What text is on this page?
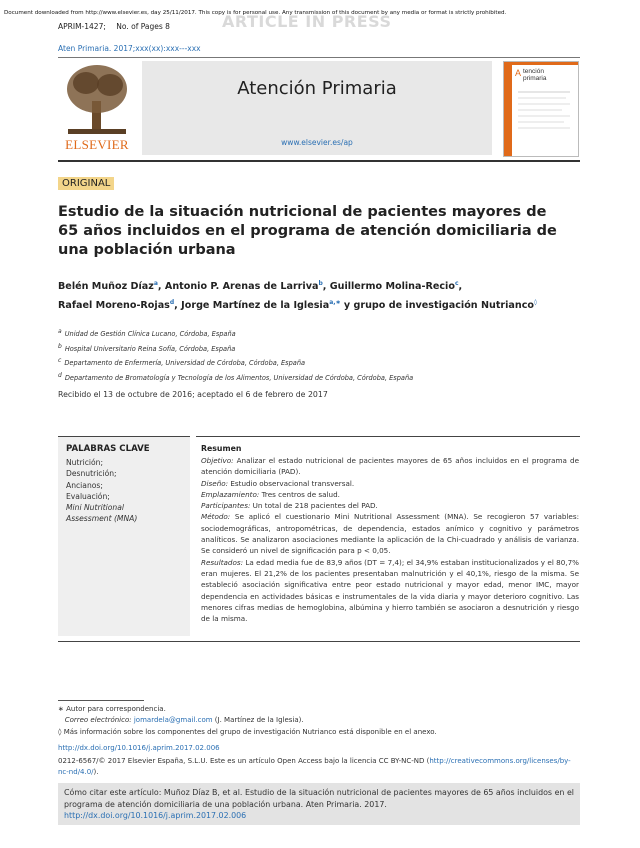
Document downloaded from http://www.elsevier.es, day 25/11/2017. This copy is for personal use. Any transmission of this document by any media or format is strictly prohibited.
ARTICLE IN PRESS
APRIM-1427; No. of Pages 8
Aten Primaria. 2017;xxx(xx):xxx---xxx
ELSEVIER
Atención Primaria
www.elsevier.es/ap
A tención
primaria
ORIGINAL
Estudio de la situación nutricional de pacientes mayores de 65 años incluidos en el programa de atención domiciliaria de una población urbana
Belén Muñoz Díaz$^a$, Antonio P. Arenas de Larriva$^b$, Guillermo Molina-Recio$^c$,
Rafael Moreno-Rojas$^d$, Jorge Martínez de la Iglesia$^{a,∗}$ y grupo de investigación Nutrianco◊
$^a$ Unidad de Gestión Clínica Lucano, Córdoba, España
$^b$ Hospital Universitario Reina Sofía, Córdoba, España
$^c$ Departamento de Enfermería, Universidad de Córdoba, Córdoba, España
$^d$ Departamento de Bromatología y Tecnología de los Alimentos, Universidad de Córdoba, Córdoba, España
Recibido el 13 de octubre de 2016; aceptado el 6 de febrero de 2017
PALABRAS CLAVE
Nutrición;
Desnutrición;
Ancianos;
Evaluación;
Mini Nutritional
Assessment (MNA)
Resumen

Objetivo: Analizar el estado nutricional de pacientes mayores de 65 años incluidos en el programa de atención domiciliaria (PAD).

Diseño: Estudio observacional transversal.

Emplazamiento: Tres centros de salud.

Participantes: Un total de 218 pacientes del PAD.

Método: Se aplicó el cuestionario Mini Nutritional Assessment (MNA). Se recogieron 57 variables: sociodemográficas, antropométricas, de dependencia, estados anímico y cognitivo y parámetros analíticos. Se analizaron asociaciones mediante la aplicación de la Chi-cuadrado y análisis de varianza. Se consideró un nivel de significación para p < 0,05.

Resultados: La edad media fue de 83,9 años (DT = 7,4); el 34,9% estaban institucionalizados y el 80,7% eran mujeres. El 21,2% de los pacientes presentaban malnutrición y el 40,1%, riesgo de la misma. Se estableció asociación significativa entre peor estado nutricional y mayor edad, menor IMC, mayor dependencia en actividades básicas e instrumentales de la vida diaria y mayor deterioro cognitivo. Las menores cifras medias de hemoglobina, albúmina y hierro también se asociaron a desnutrición y riesgo de la misma.

∗ Autor para correspondencia.
Correo electrónico: jomardela@gmail.com (J. Martínez de la Iglesia).
◊ Más información sobre los componentes del grupo de investigación Nutrianco está disponible en el anexo.
http://dx.doi.org/10.1016/j.aprim.2017.02.006
0212-6567/© 2017 Elsevier España, S.L.U. Este es un artículo Open Access bajo la licencia CC BY-NC-ND (http://creativecommons.org/licenses/by-nc-nd/4.0/).
Cómo citar este artículo: Muñoz Díaz B, et al. Estudio de la situación nutricional de pacientes mayores de 65 años incluidos en el programa de atención domiciliaria de una población urbana. Aten Primaria. 2017.
http://dx.doi.org/10.1016/j.aprim.2017.02.006
